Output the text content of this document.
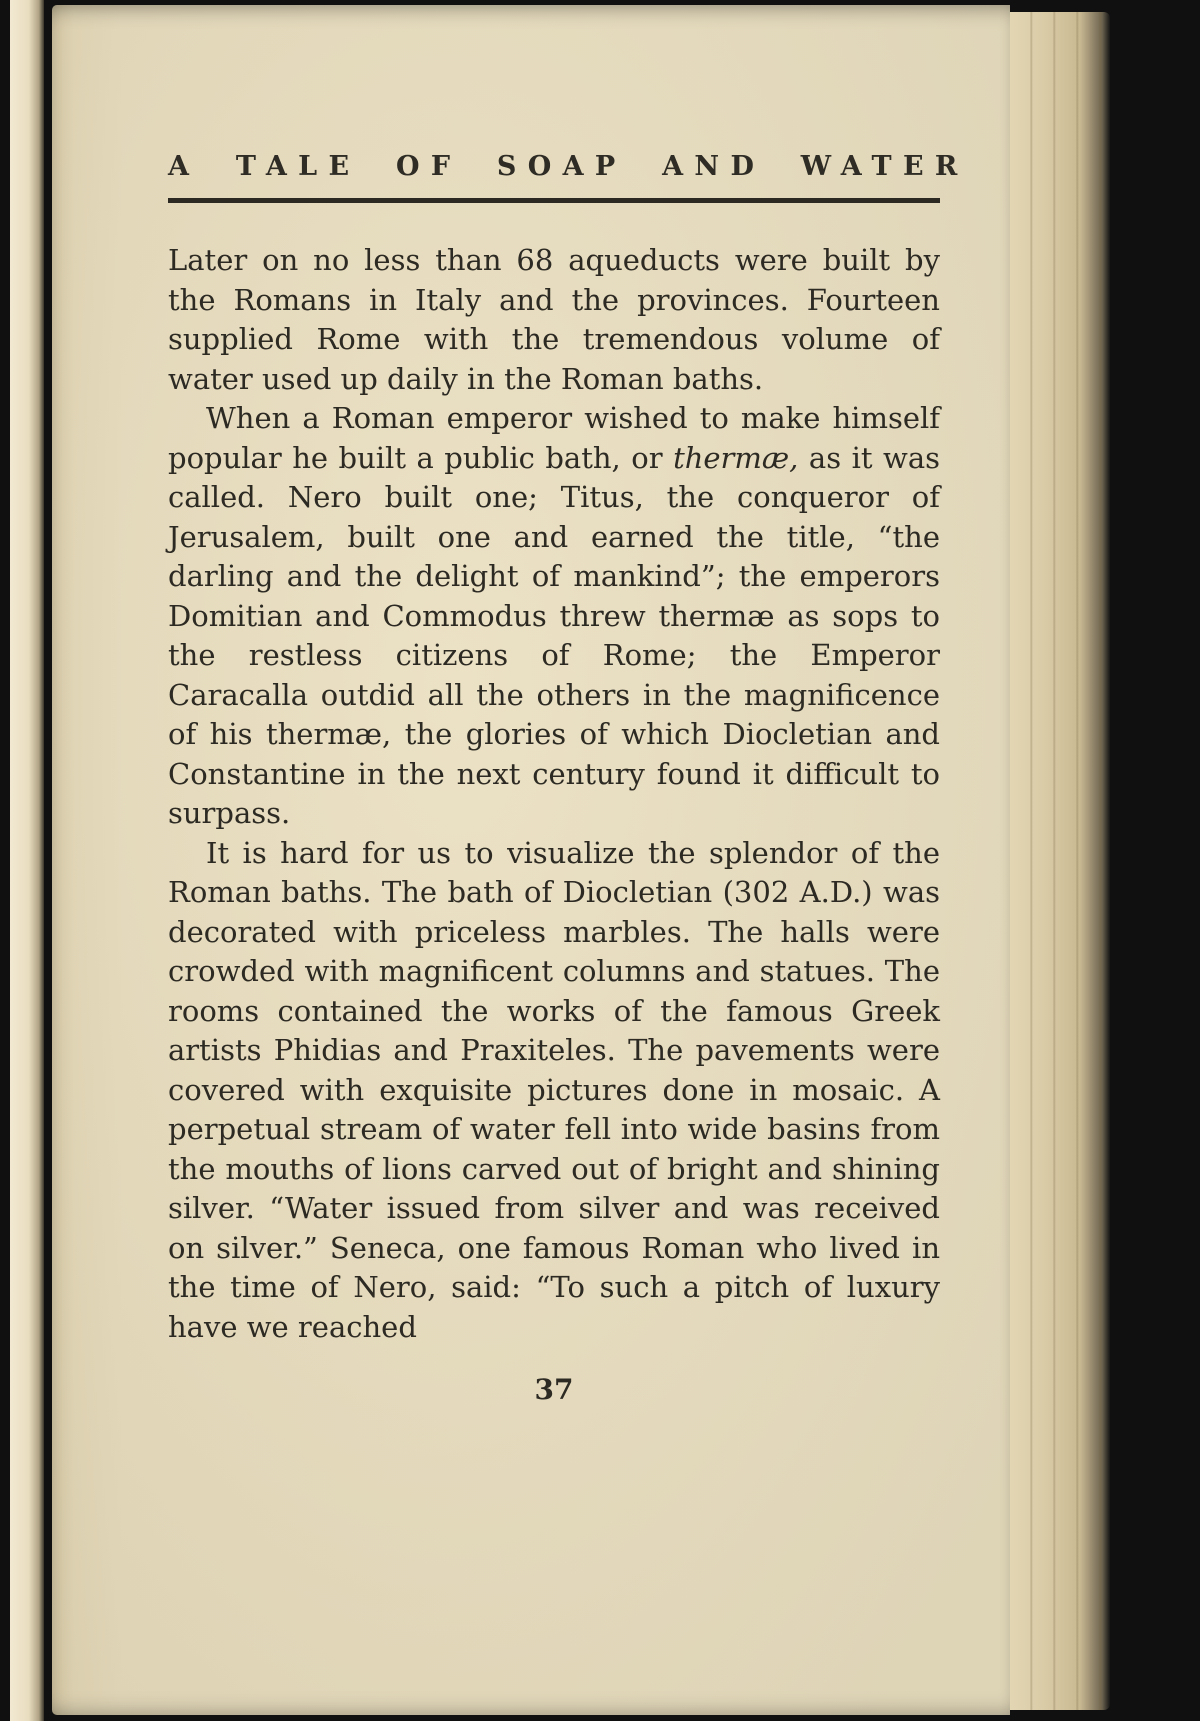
A TALE OF SOAP AND WATER

Later on no less than 68 aqueducts were built by the Romans in Italy and the provinces. Fourteen supplied Rome with the tremendous volume of water used up daily in the Roman baths.

When a Roman emperor wished to make himself popular he built a public bath, or thermæ, as it was called. Nero built one; Titus, the conqueror of Jerusalem, built one and earned the title, “the darling and the delight of mankind”; the emperors Domitian and Commodus threw thermæ as sops to the restless citizens of Rome; the Emperor Caracalla outdid all the others in the magnificence of his thermæ, the glories of which Diocletian and Constantine in the next century found it difficult to surpass.

It is hard for us to visualize the splendor of the Roman baths. The bath of Diocletian (302 A.D.) was decorated with priceless marbles. The halls were crowded with magnificent columns and statues. The rooms contained the works of the famous Greek artists Phidias and Praxiteles. The pavements were covered with exquisite pictures done in mosaic. A perpetual stream of water fell into wide basins from the mouths of lions carved out of bright and shining silver. “Water issued from silver and was received on silver.” Seneca, one famous Roman who lived in the time of Nero, said: “To such a pitch of luxury have we reached

37
